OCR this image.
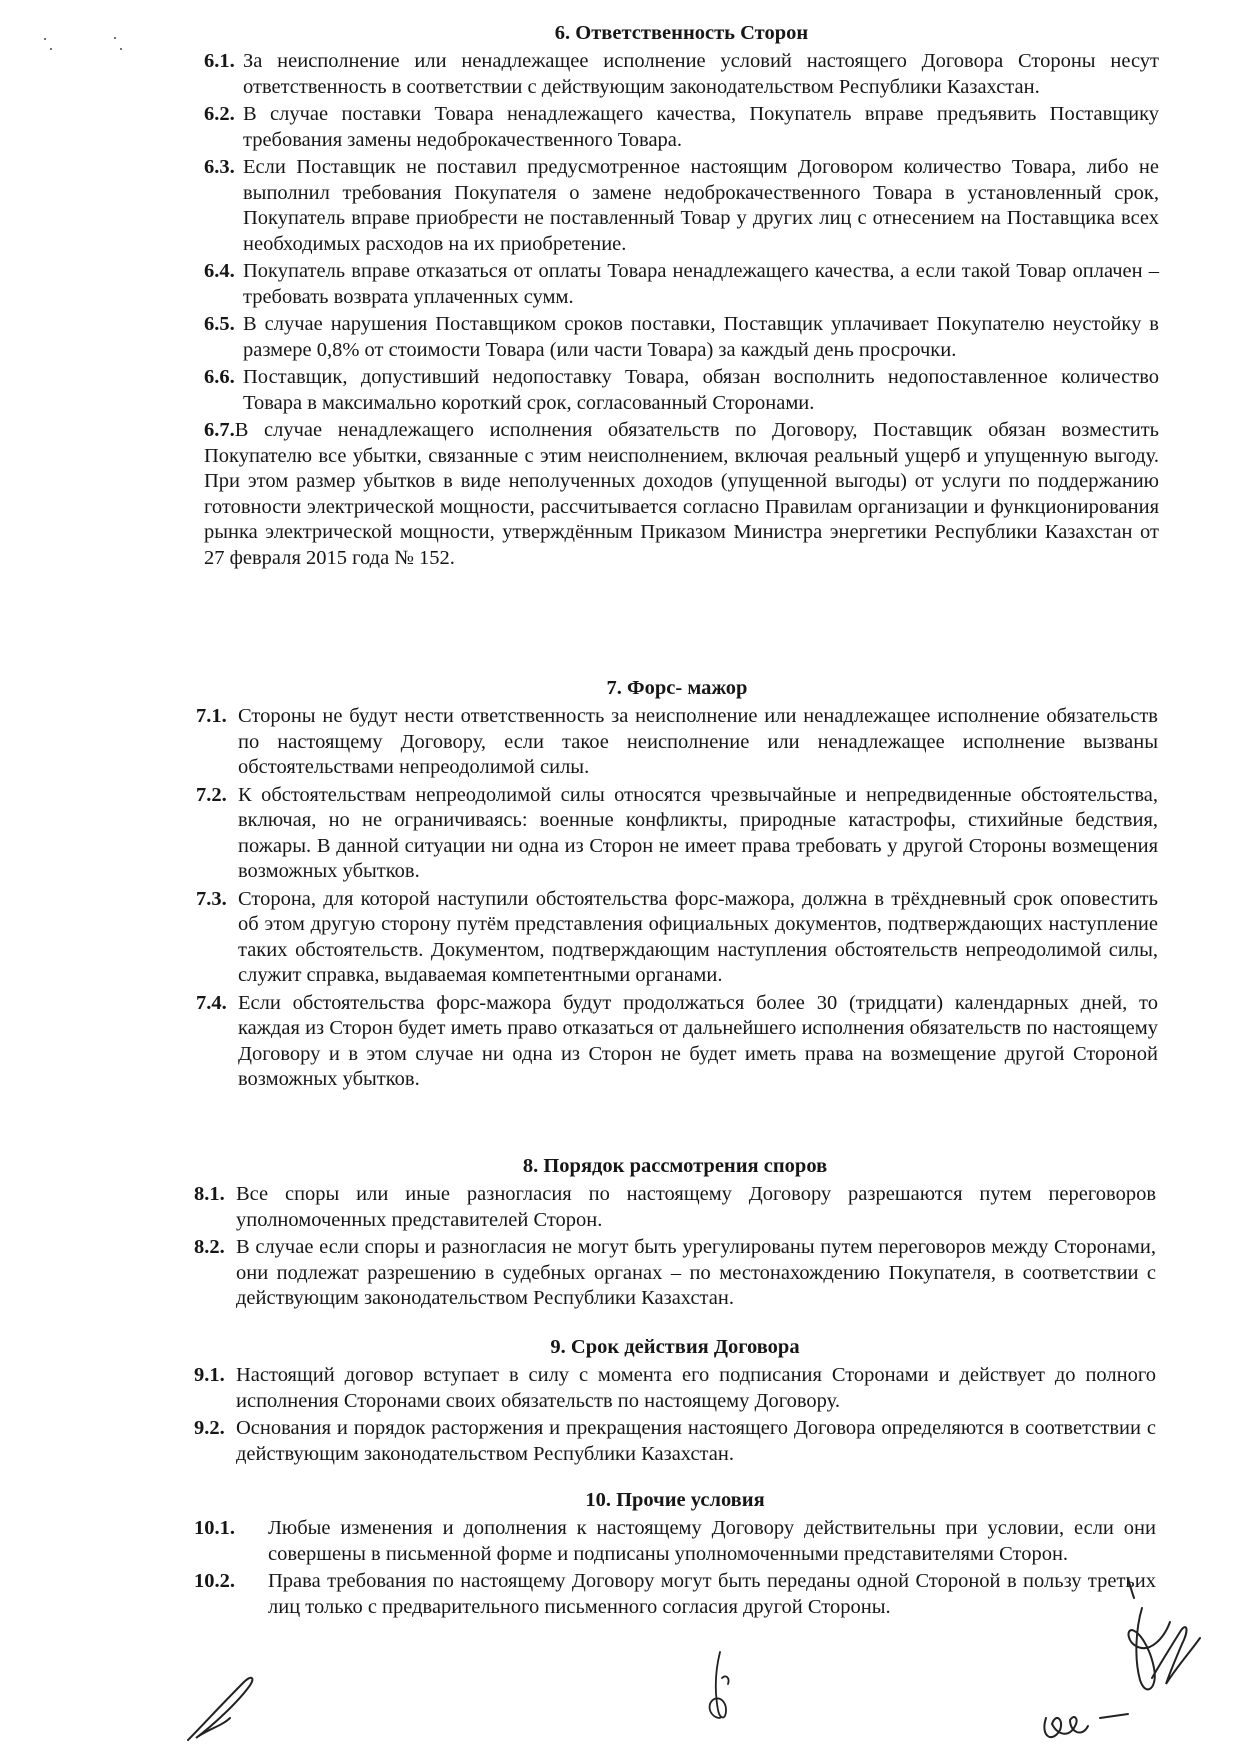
6. Ответственность Сторон
6.1. За неисполнение или ненадлежащее исполнение условий настоящего Договора Стороны несут ответственность в соответствии с действующим законодательством Республики Казахстан.
6.2. В случае поставки Товара ненадлежащего качества, Покупатель вправе предъявить Поставщику требования замены недоброкачественного Товара.
6.3. Если Поставщик не поставил предусмотренное настоящим Договором количество Товара, либо не выполнил требования Покупателя о замене недоброкачественного Товара в установленный срок, Покупатель вправе приобрести не поставленный Товар у других лиц с отнесением на Поставщика всех необходимых расходов на их приобретение.
6.4. Покупатель вправе отказаться от оплаты Товара ненадлежащего качества, а если такой Товар оплачен – требовать возврата уплаченных сумм.
6.5. В случае нарушения Поставщиком сроков поставки, Поставщик уплачивает Покупателю неустойку в размере 0,8% от стоимости Товара (или части Товара) за каждый день просрочки.
6.6. Поставщик, допустивший недопоставку Товара, обязан восполнить недопоставленное количество Товара в максимально короткий срок, согласованный Сторонами.
6.7.В случае ненадлежащего исполнения обязательств по Договору, Поставщик обязан возместить Покупателю все убытки, связанные с этим неисполнением, включая реальный ущерб и упущенную выгоду. При этом размер убытков в виде неполученных доходов (упущенной выгоды) от услуги по поддержанию готовности электрической мощности, рассчитывается согласно Правилам организации и функционирования рынка электрической мощности, утверждённым Приказом Министра энергетики Республики Казахстан от 27 февраля 2015 года № 152.
7. Форс- мажор
7.1. Стороны не будут нести ответственность за неисполнение или ненадлежащее исполнение обязательств по настоящему Договору, если такое неисполнение или ненадлежащее исполнение вызваны обстоятельствами непреодолимой силы.
7.2. К обстоятельствам непреодолимой силы относятся чрезвычайные и непредвиденные обстоятельства, включая, но не ограничиваясь: военные конфликты, природные катастрофы, стихийные бедствия, пожары. В данной ситуации ни одна из Сторон не имеет права требовать у другой Стороны возмещения возможных убытков.
7.3. Сторона, для которой наступили обстоятельства форс-мажора, должна в трёхдневный срок оповестить об этом другую сторону путём представления официальных документов, подтверждающих наступление таких обстоятельств. Документом, подтверждающим наступления обстоятельств непреодолимой силы, служит справка, выдаваемая компетентными органами.
7.4. Если обстоятельства форс-мажора будут продолжаться более 30 (тридцати) календарных дней, то каждая из Сторон будет иметь право отказаться от дальнейшего исполнения обязательств по настоящему Договору и в этом случае ни одна из Сторон не будет иметь права на возмещение другой Стороной возможных убытков.
8. Порядок рассмотрения споров
8.1. Все споры или иные разногласия по настоящему Договору разрешаются путем переговоров уполномоченных представителей Сторон.
8.2. В случае если споры и разногласия не могут быть урегулированы путем переговоров между Сторонами, они подлежат разрешению в судебных органах – по местонахождению Покупателя, в соответствии с действующим законодательством Республики Казахстан.
9. Срок действия Договора
9.1. Настоящий договор вступает в силу с момента его подписания Сторонами и действует до полного исполнения Сторонами своих обязательств по настоящему Договору.
9.2. Основания и порядок расторжения и прекращения настоящего Договора определяются в соответствии с действующим законодательством Республики Казахстан.
10. Прочие условия
10.1.	Любые изменения и дополнения к настоящему Договору действительны при условии, если они совершены в письменной форме и подписаны уполномоченными представителями Сторон.
10.2.	Права требования по настоящему Договору могут быть переданы одной Стороной в пользу третьих лиц только с предварительного письменного согласия другой Стороны.
